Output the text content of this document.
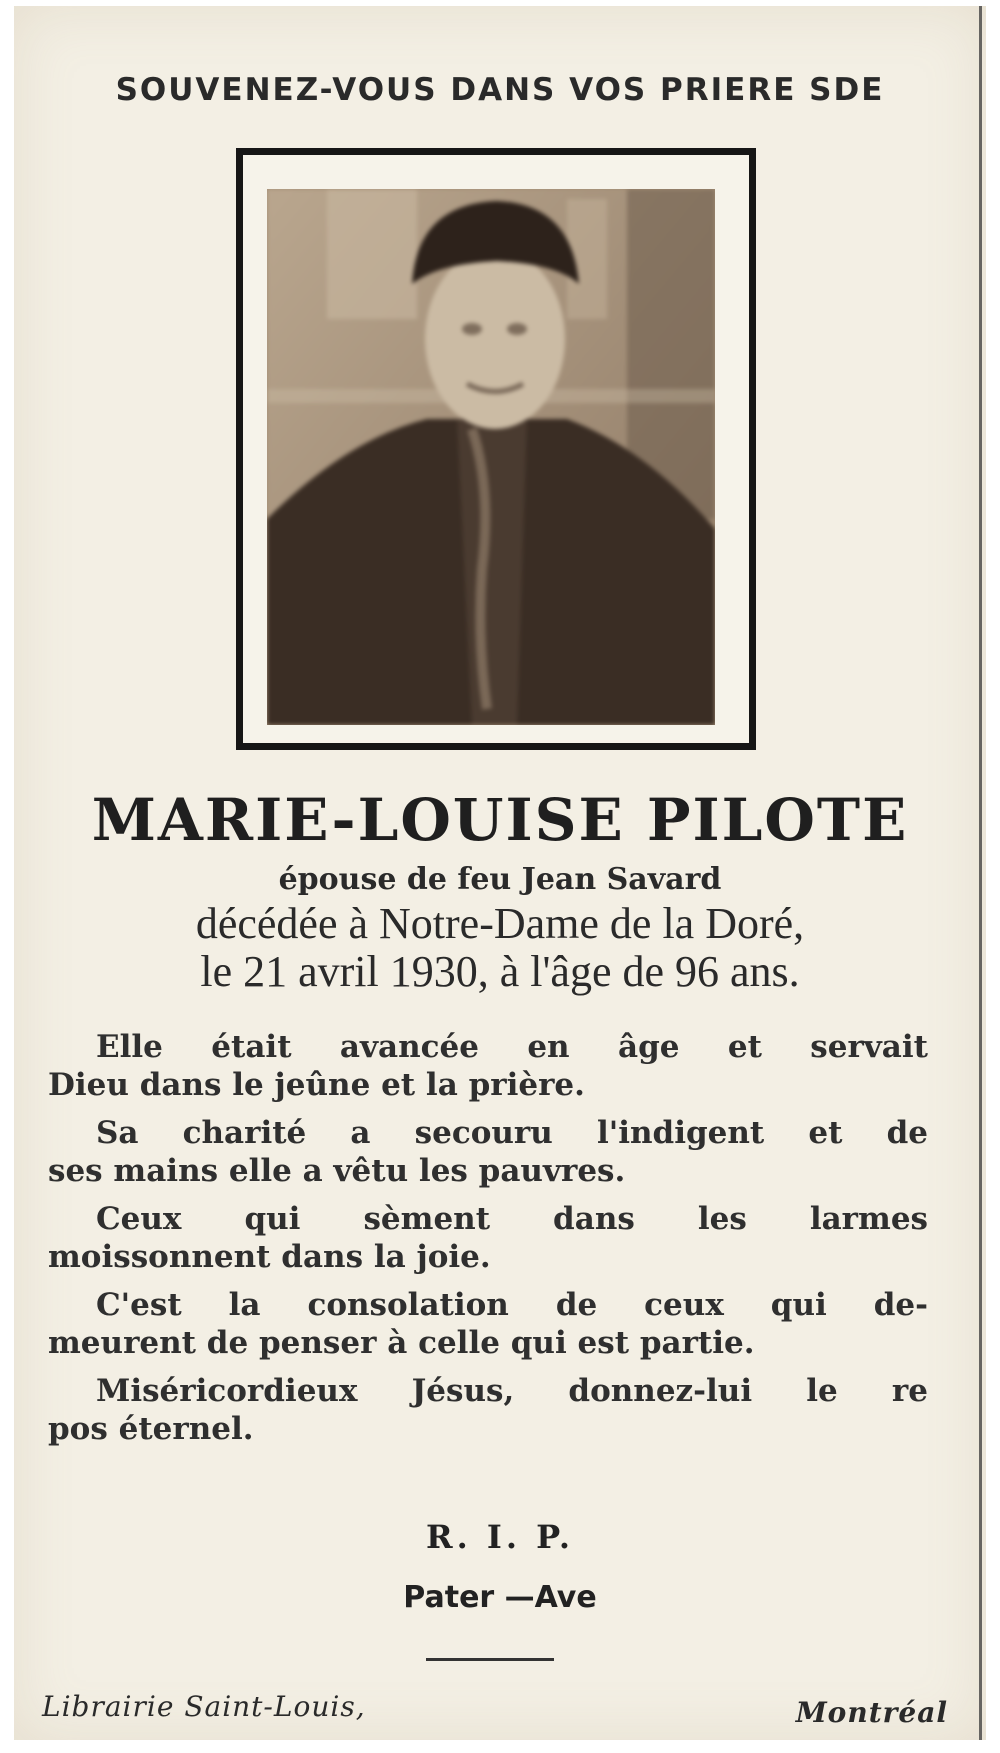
SOUVENEZ-VOUS DANS VOS PRIERE SDE
MARIE-LOUISE PILOTE
épouse de feu Jean Savard
décédée à Notre-Dame de la Doré,
le 21 avril 1930, à l'âge de 96 ans.
Elle était avancée en âge et servait
Dieu dans le jeûne et la prière.
Sa charité a secouru l'indigent et de
ses mains elle a vêtu les pauvres.
Ceux qui sèment dans les larmes
moissonnent dans la joie.
C'est la consolation de ceux qui de-
meurent de penser à celle qui est partie.
Miséricordieux Jésus, donnez-lui le re
pos éternel.
R. I. P.
Pater —Ave
Librairie Saint-Louis,	Montréal
